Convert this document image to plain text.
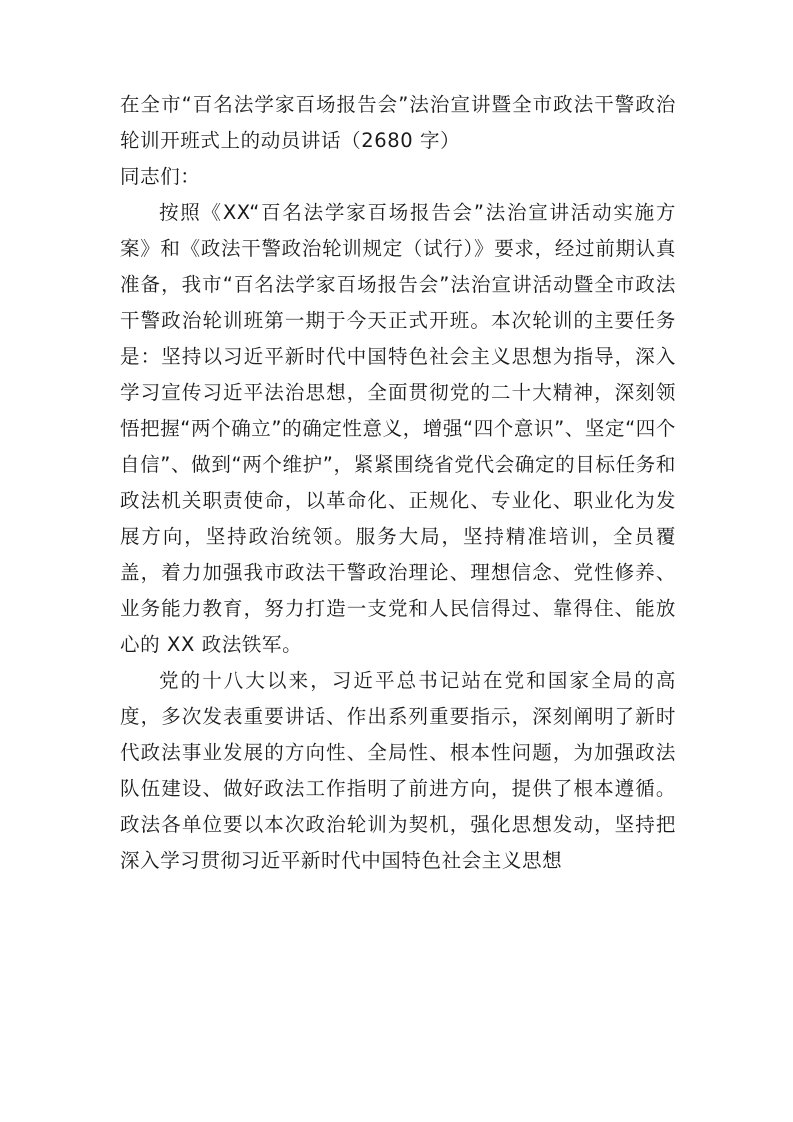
在全市“百名法学家百场报告会”法治宣讲暨全市政法干警政治轮训开班式上的动员讲话（2680 字）

同志们：

按照《XX“百名法学家百场报告会”法治宣讲活动实施方案》和《政法干警政治轮训规定（试行）》要求，经过前期认真准备，我市“百名法学家百场报告会”法治宣讲活动暨全市政法干警政治轮训班第一期于今天正式开班。本次轮训的主要任务是：坚持以习近平新时代中国特色社会主义思想为指导，深入学习宣传习近平法治思想，全面贯彻党的二十大精神，深刻领悟把握“两个确立”的确定性意义，增强“四个意识”、坚定“四个自信”、做到“两个维护”，紧紧围绕省党代会确定的目标任务和政法机关职责使命，以革命化、正规化、专业化、职业化为发展方向，坚持政治统领。服务大局，坚持精准培训，全员覆盖，着力加强我市政法干警政治理论、理想信念、党性修养、业务能力教育，努力打造一支党和人民信得过、靠得住、能放心的 XX 政法铁军。

党的十八大以来，习近平总书记站在党和国家全局的高度，多次发表重要讲话、作出系列重要指示，深刻阐明了新时代政法事业发展的方向性、全局性、根本性问题，为加强政法队伍建设、做好政法工作指明了前进方向，提供了根本遵循。政法各单位要以本次政治轮训为契机，强化思想发动，坚持把深入学习贯彻习近平新时代中国特色社会主义思想
